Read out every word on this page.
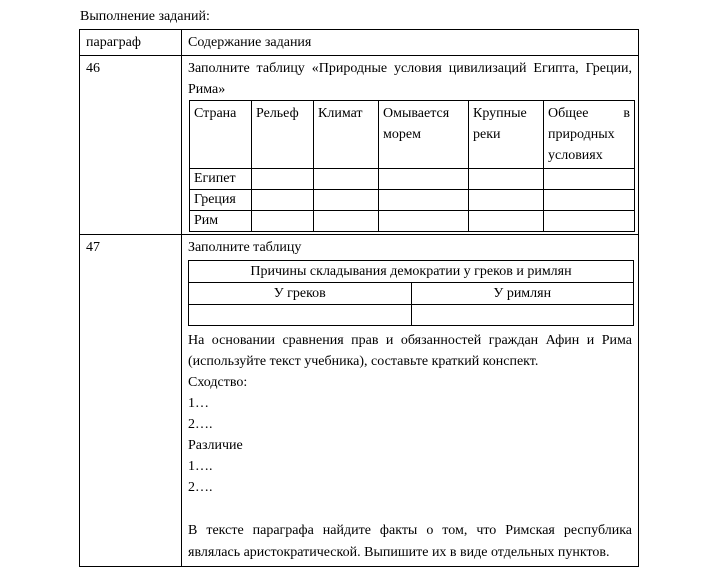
Выполнение заданий:
параграф	Содержание задания
46	Заполните таблицу «Природные условия цивилизаций Египта, Греции, Рима»
Страна	Рельеф	Климат	Омывается морем	Крупные реки	Общее в природных условиях
Египет					
Греция					
Рим					

47	Заполните таблицу
Причины складывания демократии у греков и римлян
У греков	У римлян

На основании сравнения прав и обязанностей граждан Афин и Рима (используйте текст учебника), составьте краткий конспект.
Сходство:
1…
2….
Различие
1….
2….
В тексте параграфа найдите факты о том, что Римская республика являлась аристократической. Выпишите их в виде отдельных пунктов.
